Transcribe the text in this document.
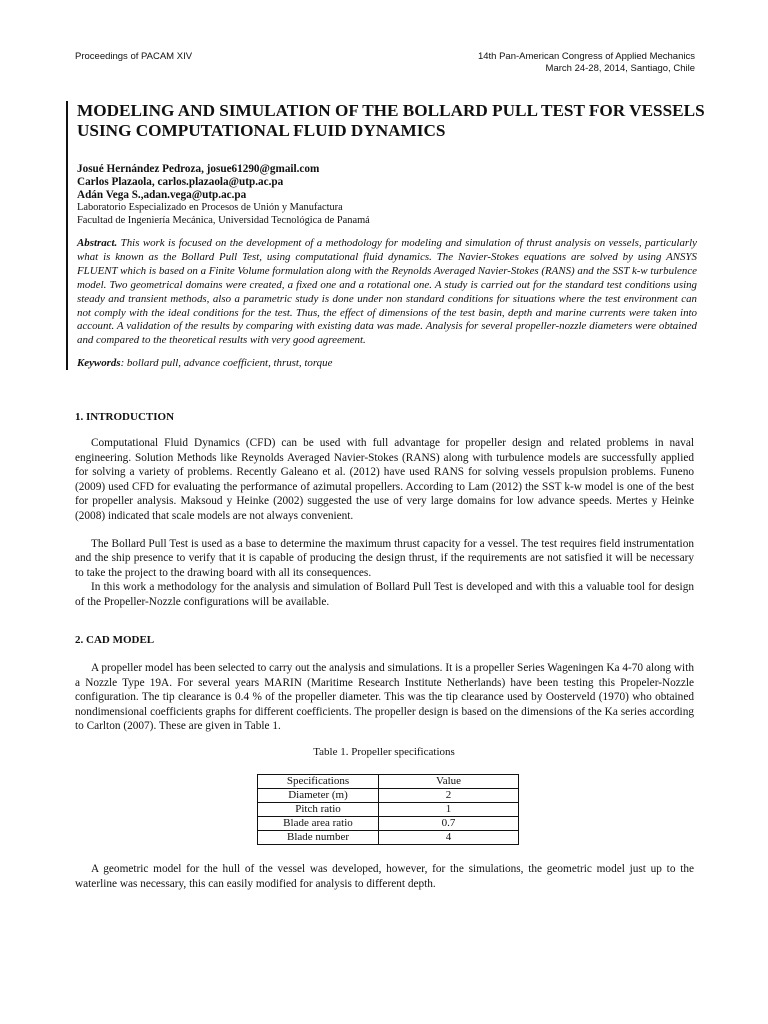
Proceedings of PACAM XIV	14th Pan-American Congress of Applied Mechanics
March 24-28, 2014, Santiago, Chile
MODELING AND SIMULATION OF THE BOLLARD PULL TEST FOR VESSELS USING COMPUTATIONAL FLUID DYNAMICS
Josué Hernández Pedroza, josue61290@gmail.com
Carlos Plazaola, carlos.plazaola@utp.ac.pa
Adán Vega S.,adan.vega@utp.ac.pa
Laboratorio Especializado en Procesos de Unión y Manufactura
Facultad de Ingeniería Mecánica, Universidad Tecnológica de Panamá
Abstract. This work is focused on the development of a methodology for modeling and simulation of thrust analysis on vessels, particularly what is known as the Bollard Pull Test, using computational fluid dynamics. The Navier-Stokes equations are solved by using ANSYS FLUENT which is based on a Finite Volume formulation along with the Reynolds Averaged Navier-Stokes (RANS) and the SST k-w turbulence model. Two geometrical domains were created, a fixed one and a rotational one. A study is carried out for the standard test conditions using steady and transient methods, also a parametric study is done under non standard conditions for situations where the test environment can not comply with the ideal conditions for the test. Thus, the effect of dimensions of the test basin, depth and marine currents were taken into account. A validation of the results by comparing with existing data was made. Analysis for several propeller-nozzle diameters were obtained and compared to the theoretical results with very good agreement.
Keywords: bollard pull, advance coefficient, thrust, torque
1. INTRODUCTION

Computational Fluid Dynamics (CFD) can be used with full advantage for propeller design and related problems in naval engineering. Solution Methods like Reynolds Averaged Navier-Stokes (RANS) along with turbulence models are successfully applied for solving a variety of problems. Recently Galeano et al. (2012) have used RANS for solving vessels propulsion problems. Funeno (2009) used CFD for evaluating the performance of azimutal propellers. According to Lam (2012) the SST k-w model is one of the best for propeller analysis. Maksoud y Heinke (2002) suggested the use of very large domains for low advance speeds. Mertes y Heinke (2008) indicated that scale models are not always convenient.

The Bollard Pull Test is used as a base to determine the maximum thrust capacity for a vessel. The test requires field instrumentation and the ship presence to verify that it is capable of producing the design thrust, if the requirements are not satisfied it will be necessary to take the project to the drawing board with all its consequences.

In this work a methodology for the analysis and simulation of Bollard Pull Test is developed and with this a valuable tool for design of the Propeller-Nozzle configurations will be available.

2. CAD MODEL

A propeller model has been selected to carry out the analysis and simulations. It is a propeller Series Wageningen Ka 4-70 along with a Nozzle Type 19A. For several years MARIN (Maritime Research Institute Netherlands) have been testing this Propeler-Nozzle configuration. The tip clearance is 0.4 % of the propeller diameter. This was the tip clearance used by Oosterveld (1970) who obtained nondimensional coefficients graphs for different coefficients. The propeller design is based on the dimensions of the Ka series according to Carlton (2007). These are given in Table 1.

Table 1. Propeller specifications
Specifications	Value
Diameter (m)	2
Pitch ratio	1
Blade area ratio	0.7
Blade number	4

A geometric model for the hull of the vessel was developed, however, for the simulations, the geometric model just up to the waterline was necessary, this can easily modified for analysis to different depth.
